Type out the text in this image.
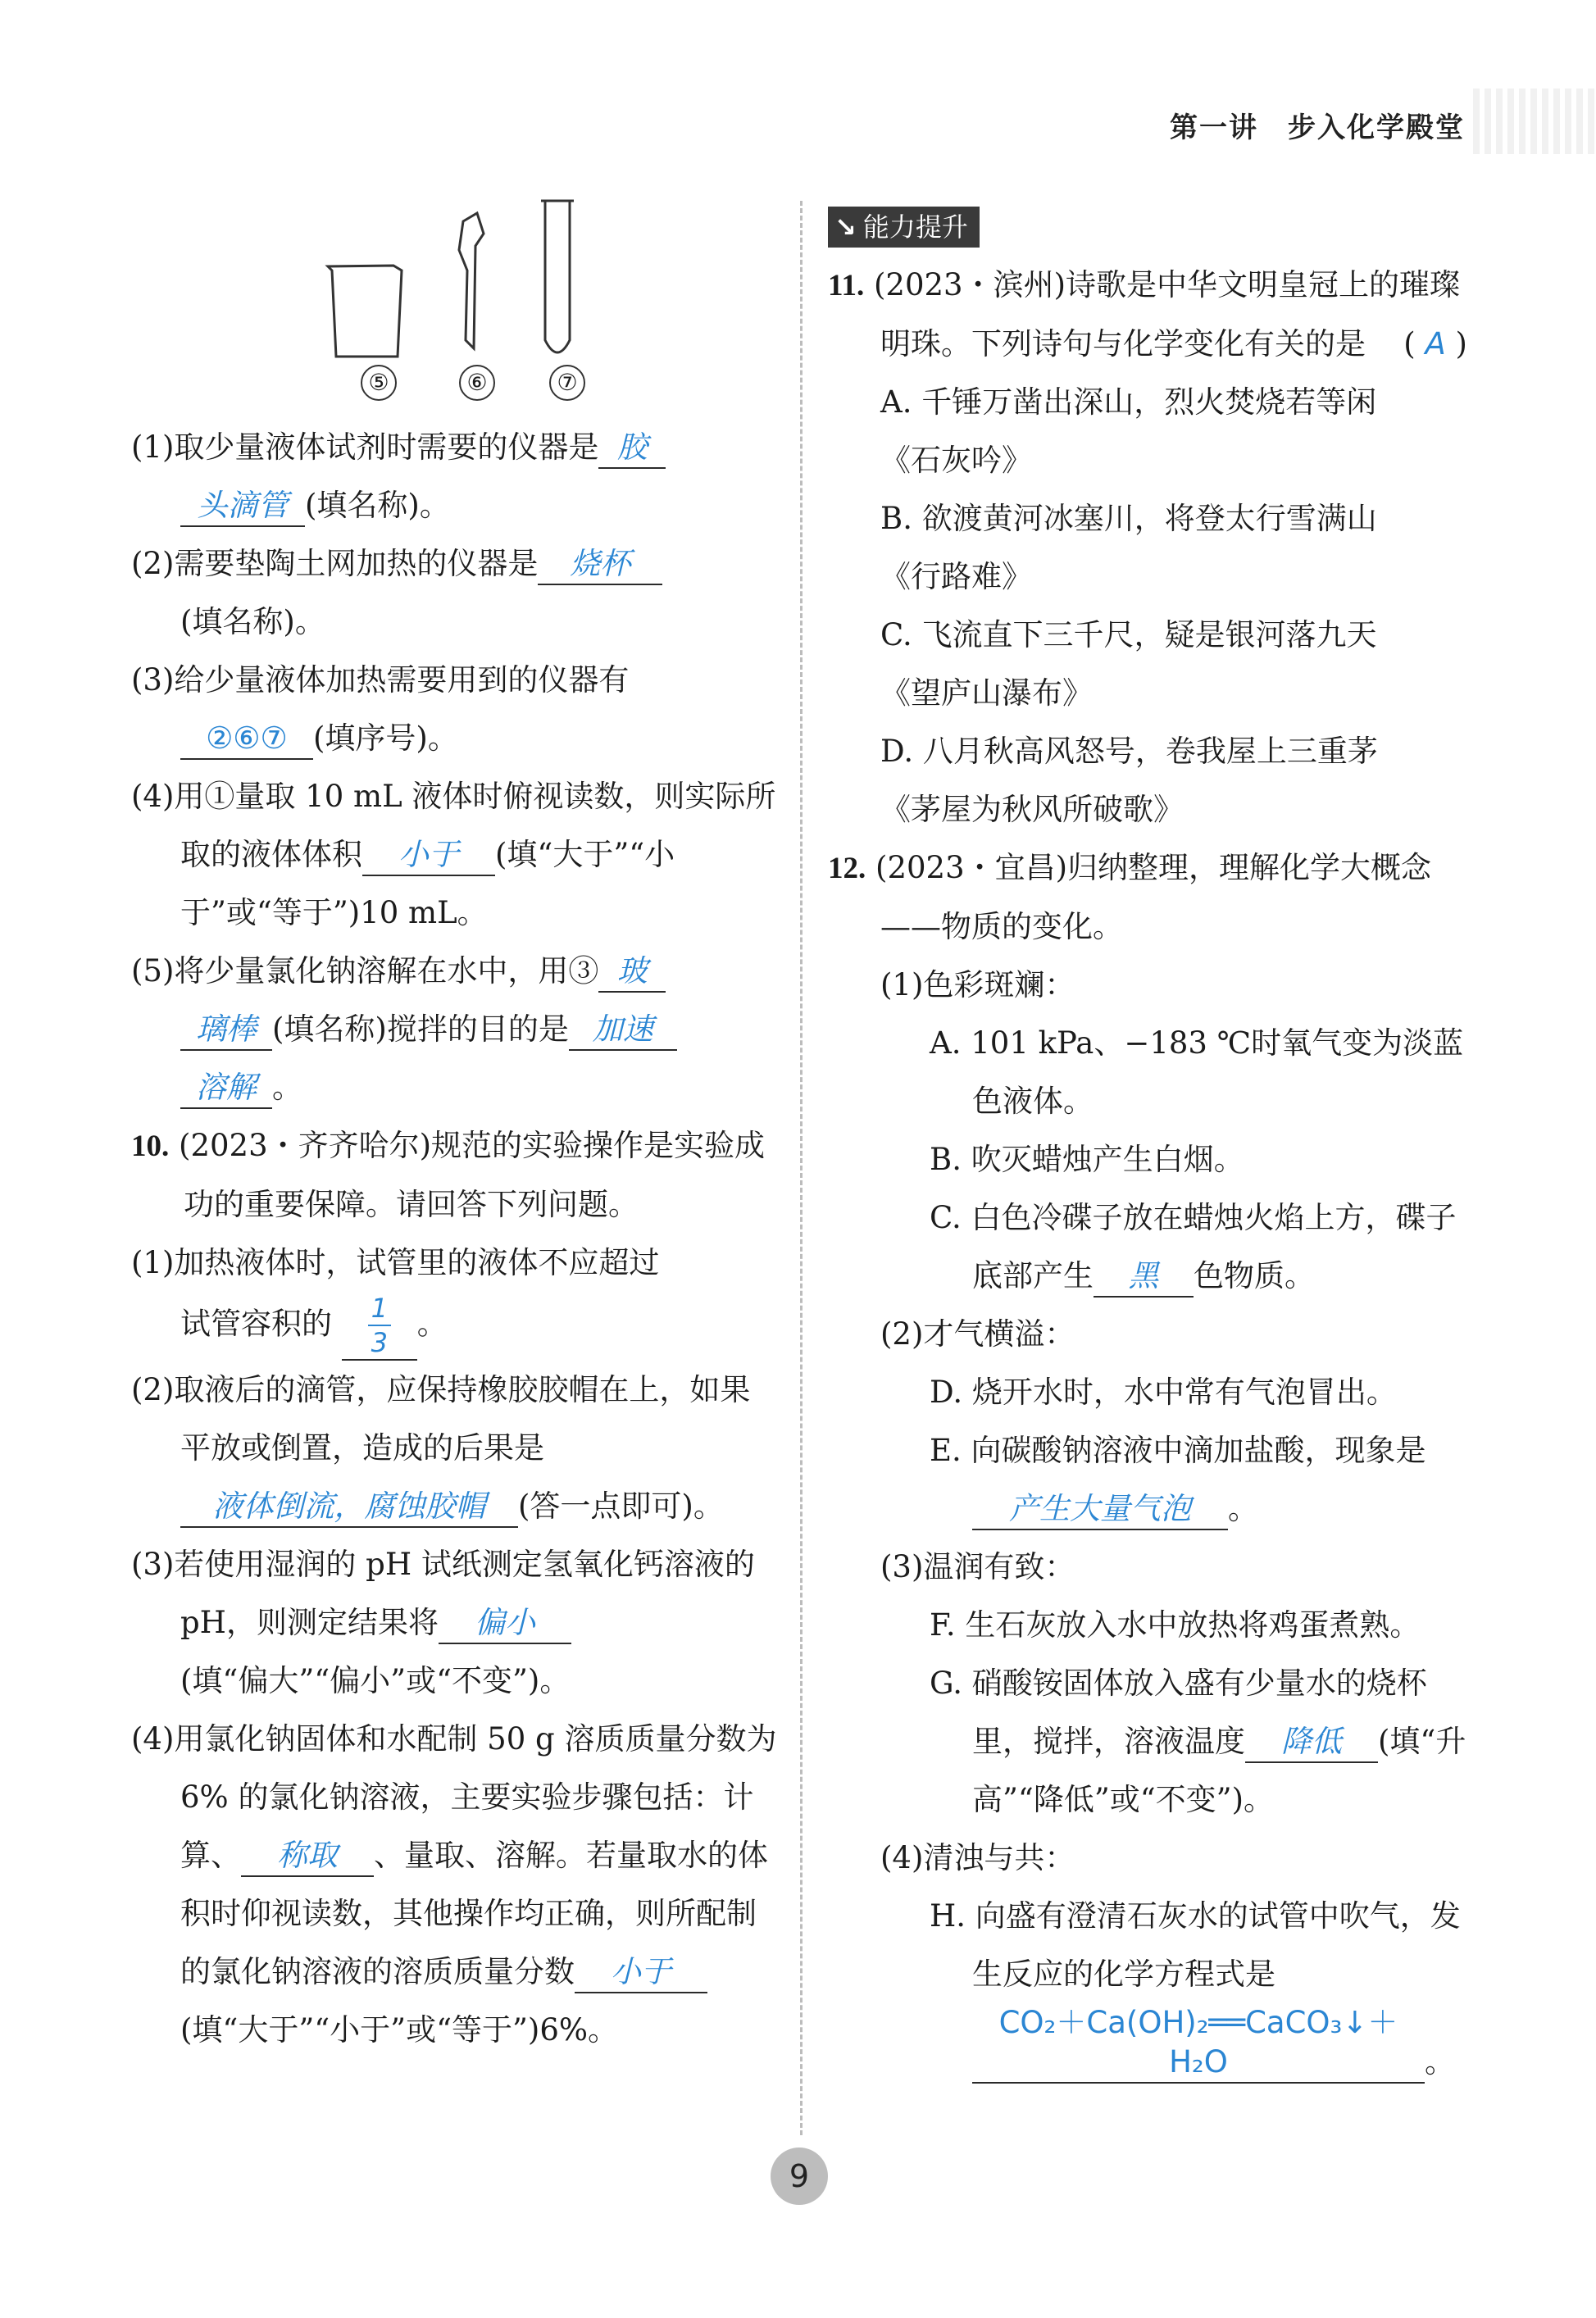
第一讲　步入化学殿堂
⑤	⑥	⑦

(1)取少量液体试剂时需要的仪器是 胶
头滴管 (填名称)。

(2)需要垫陶土网加热的仪器是 烧杯
(填名称)。

(3)给少量液体加热需要用到的仪器有
②⑥⑦ (填序号)。

(4)用①量取 10 mL 液体时俯视读数，则实际所取的液体体积 小于 (填“大于”“小于”或“等于”)10 mL。

(5)将少量氯化钠溶解在水中，用③ 玻
璃棒 (填名称)搅拌的目的是 加速
溶解 。

10. (2023・齐齐哈尔)规范的实验操作是实验成功的重要保障。请回答下列问题。

(1)加热液体时，试管里的液体不应超过
试管容积的 $\frac{1}{3}$ 。

(2)取液后的滴管，应保持橡胶胶帽在上，如果平放或倒置，造成的后果是
液体倒流，腐蚀胶帽 (答一点即可)。

(3)若使用湿润的 pH 试纸测定氢氧化钙溶液的 pH，则测定结果将 偏小
(填“偏大”“偏小”或“不变”)。

(4)用氯化钠固体和水配制 50 g 溶质质量分数为 6% 的氯化钠溶液，主要实验步骤包括：计算、 称取 、量取、溶解。若量取水的体积时仰视读数，其他操作均正确，则所配制的氯化钠溶液的溶质质量分数 小于(填“大于”“小于”或“等于”)6%。

↘ 能力提升

11. (2023・滨州)诗歌是中华文明皇冠上的璀璨明珠。下列诗句与化学变化有关的是 ( A )

A. 千锤万凿出深山，烈火焚烧若等闲
《石灰吟》

B. 欲渡黄河冰塞川，将登太行雪满山
《行路难》

C. 飞流直下三千尺，疑是银河落九天
《望庐山瀑布》

D. 八月秋高风怒号，卷我屋上三重茅
《茅屋为秋风所破歌》

12. (2023・宜昌)归纳整理，理解化学大概念——物质的变化。

(1)色彩斑斓：

A. 101 kPa、−183 ℃时氧气变为淡蓝色液体。

B. 吹灭蜡烛产生白烟。

C. 白色冷碟子放在蜡烛火焰上方，碟子底部产生 黑 色物质。

(2)才气横溢：

D. 烧开水时，水中常有气泡冒出。

E. 向碳酸钠溶液中滴加盐酸，现象是
产生大量气泡 。

(3)温润有致：

F. 生石灰放入水中放热将鸡蛋煮熟。

G. 硝酸铵固体放入盛有少量水的烧杯里，搅拌，溶液温度 降低 (填“升高”“降低”或“不变”)。

(4)清浊与共：

H. 向盛有澄清石灰水的试管中吹气，发生反应的化学方程式是
CO₂＋Ca(OH)₂══CaCO₃↓＋H₂O	。

9
